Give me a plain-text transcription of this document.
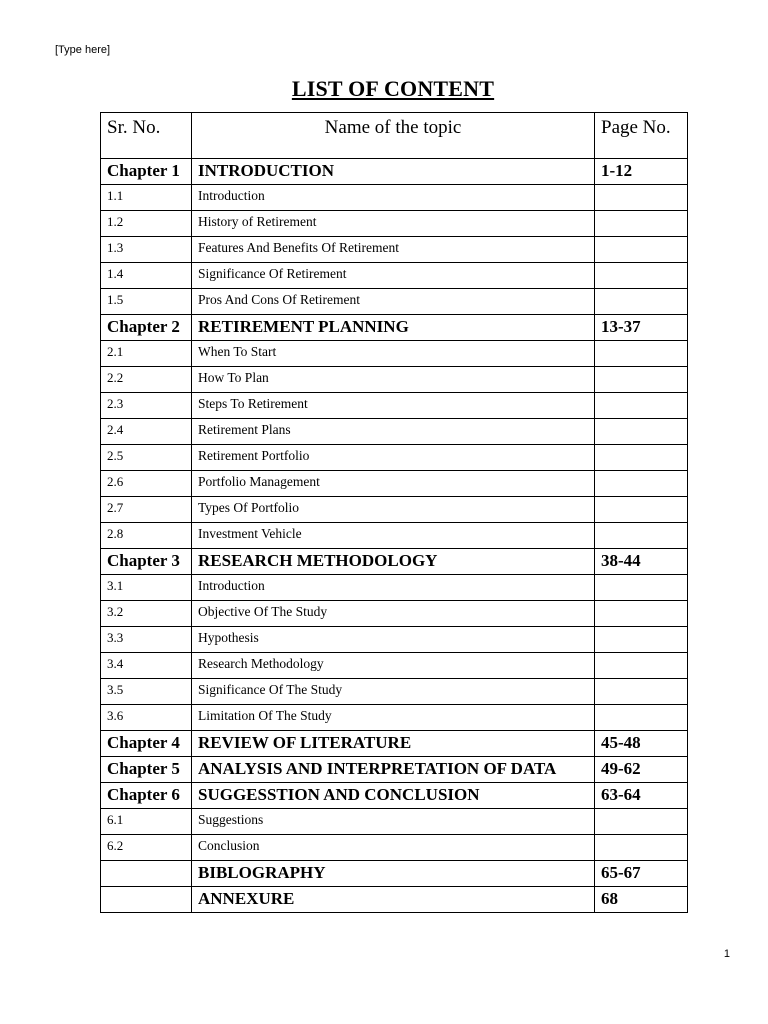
[Type here]
LIST OF CONTENT
Sr. No.	Name of the topic	Page No.
Chapter 1	INTRODUCTION	1-12
1.1	Introduction	
1.2	History of Retirement	
1.3	Features And Benefits Of Retirement	
1.4	Significance Of Retirement	
1.5	Pros And Cons Of Retirement	
Chapter 2	RETIREMENT PLANNING	13-37
2.1	When To Start	
2.2	How To Plan	
2.3	Steps To Retirement	
2.4	Retirement Plans	
2.5	Retirement Portfolio	
2.6	Portfolio Management	
2.7	Types Of Portfolio	
2.8	Investment Vehicle	
Chapter 3	RESEARCH METHODOLOGY	38-44
3.1	Introduction	
3.2	Objective Of The Study	
3.3	Hypothesis	
3.4	Research Methodology	
3.5	Significance Of The Study	
3.6	Limitation Of The Study	
Chapter 4	REVIEW OF LITERATURE	45-48
Chapter 5	ANALYSIS AND INTERPRETATION OF DATA	49-62
Chapter 6	SUGGESSTION AND CONCLUSION	63-64
6.1	Suggestions	
6.2	Conclusion	
	BIBLOGRAPHY	65-67
	ANNEXURE	68
1
